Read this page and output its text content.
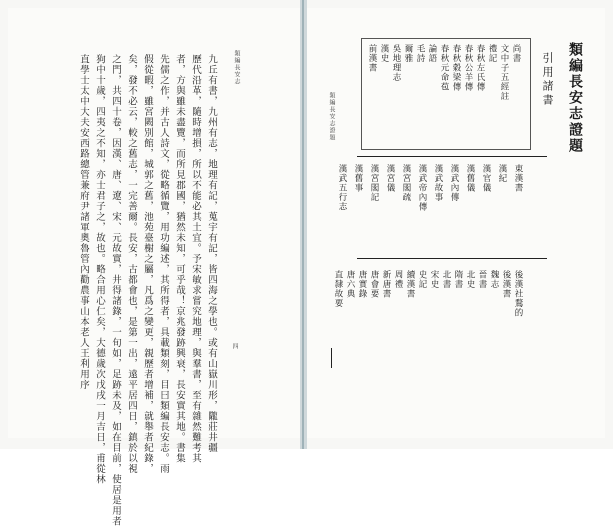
類編長安志
四
九丘有書，九州有志，地理有記，蒐宇有記，皆四海之學也。或有山嶽川形，隴莊井疆
歷代沿革，隨時增損，所以不能必其土宜。予宋敏求嘗究地理，與羣書，至有雜然難考其
者，方與雖未盡覽，而所見郡國，猶然未知，可乎哉！京兆發跡興衰，長安實其地。書集
先儒之作，并古人詩文，從略循覽，用功編述，其所得者，具載類刻，目曰類編長安志。雨
假從暇，雖宮闕別館，城郭之舊，池苑臺榭之屬，凡爲之變更，親歷者增補，就舉者紀錄，
矣，發不必云，較之舊志，一完善爾。長安，古都會也，是第一出，遠平居四日，鎮於以視
之門，共四十卷，因漢、唐、遼、宋、元故實，井得諸錄，一旬如，足跡未及，如在目前，使居是用者
狗中十歲，四夷之不知，亦士君子之，故也。略合用心仁矣，大德歲次戊戌一月吉日，甫從林
直學士太中大夫安西路總管兼府尹諸軍奧魯管內勸農事山本老人王利用序	類編長安志證題
引用諸書
類編長安志證題
尚書
文中子五經註
禮記
春秋左氏傳
春秋公羊傳
春秋穀梁傳
春秋元命苞
論語
毛詩
爾雅
吳地理志
漢史
前漢書
東漢書
漢紀
漢官儀
漢舊儀
漢武內傳
漢武故事
漢武帝內傳
漢宮閣疏
漢宮儀
漢宮閣記
漢舊事
漢武五行志
後漢社鶩的
後漢書
魏志
晉書
北史
隋書
北書
宋史
史記
續漢書
周禮
新唐書
唐會要
唐實錄
唐六典
直隸故要
